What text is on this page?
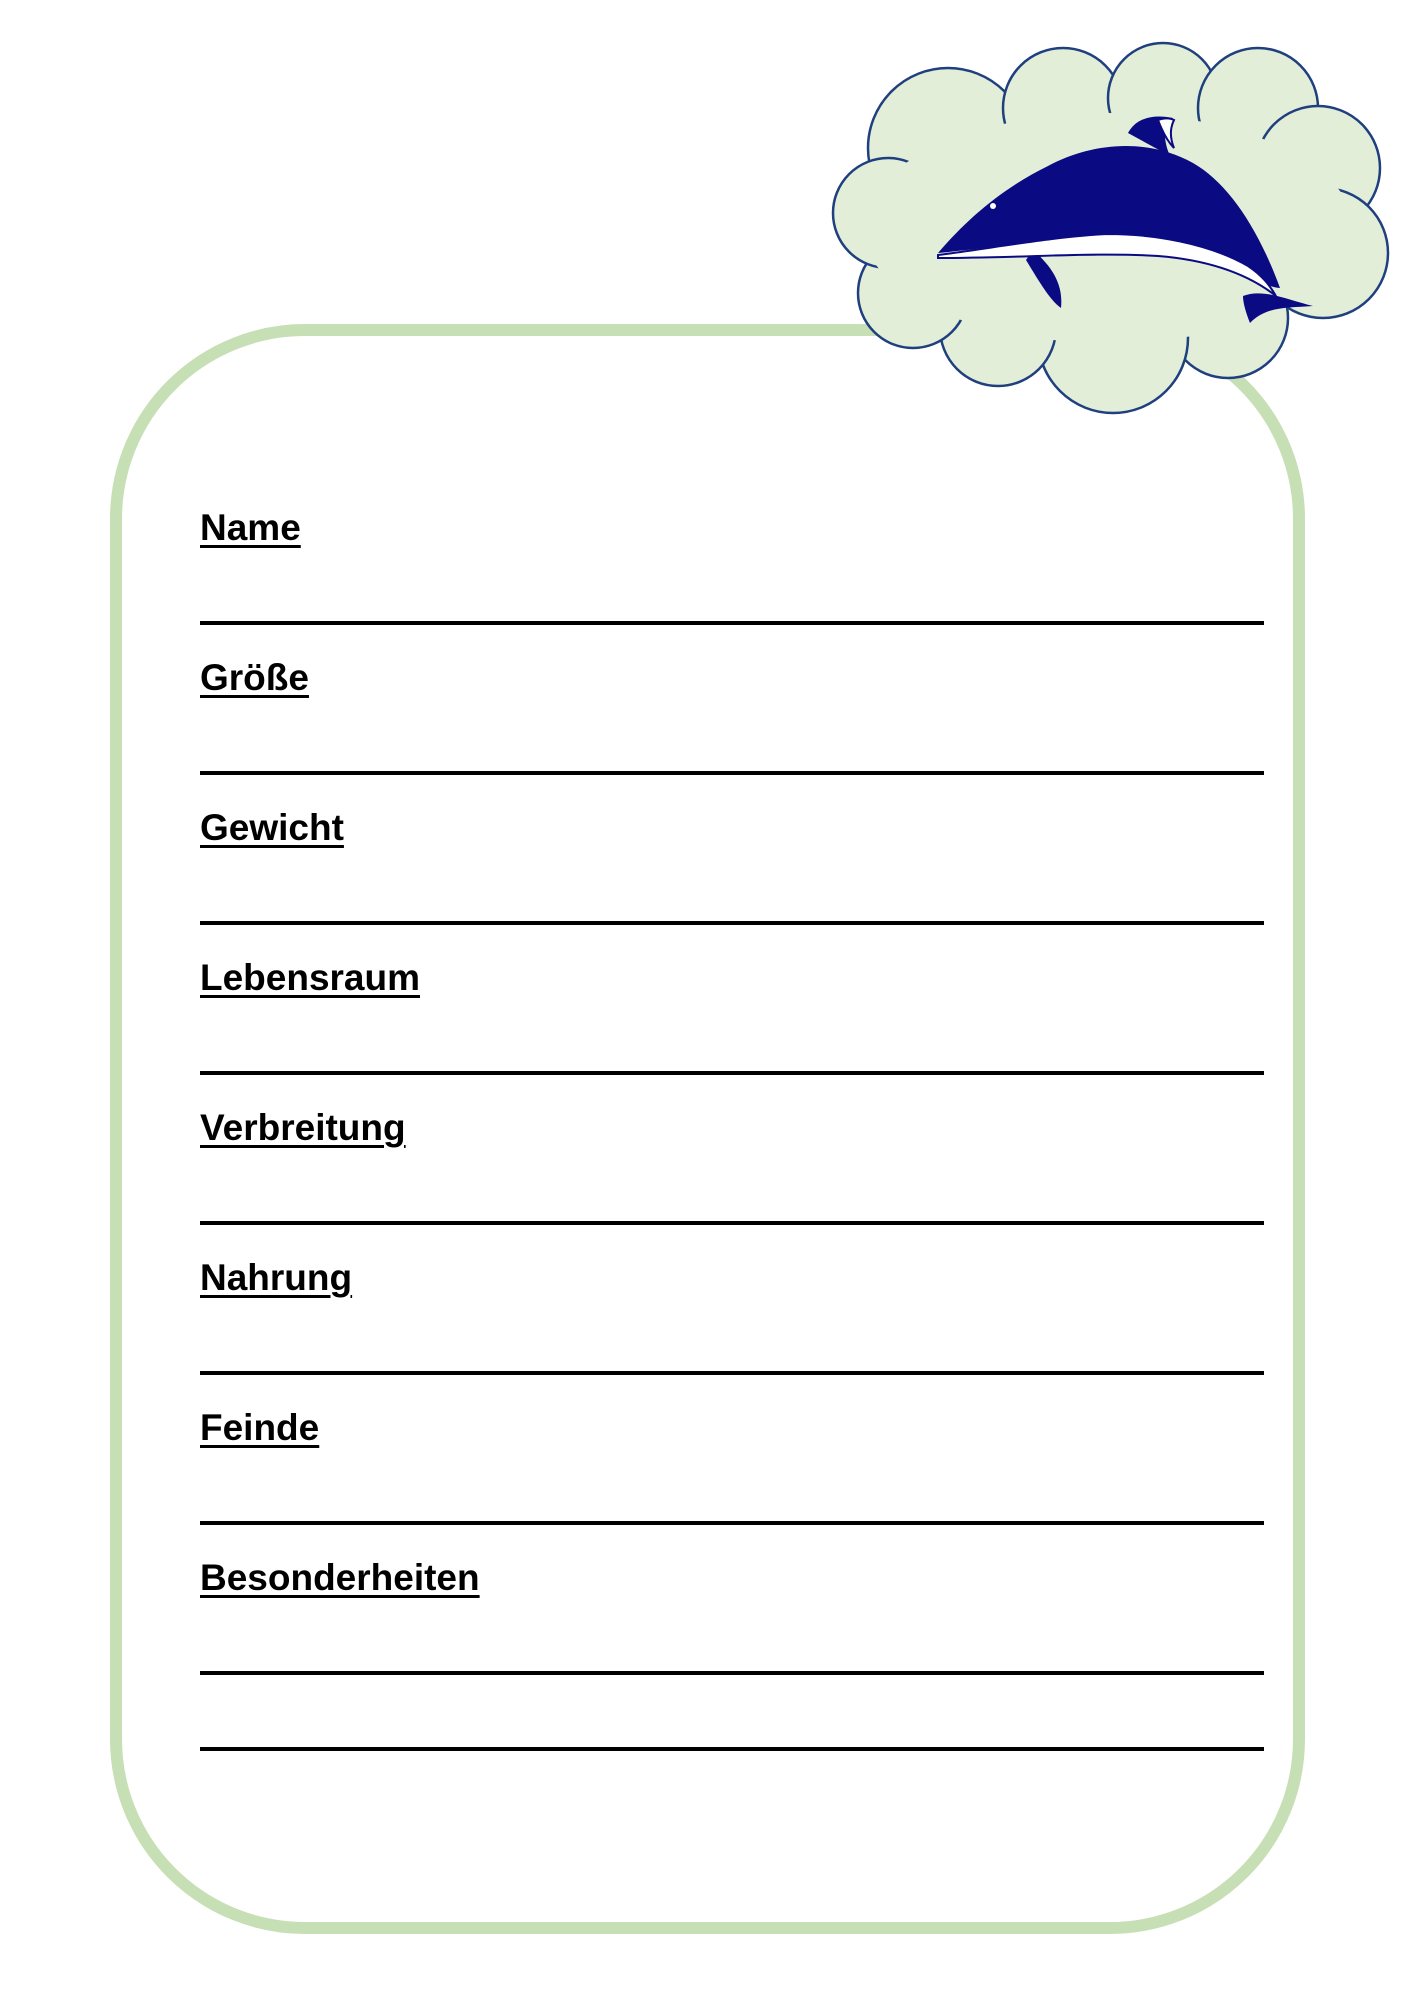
Name
Größe
Gewicht
Lebensraum
Verbreitung
Nahrung
Feinde
Besonderheiten
